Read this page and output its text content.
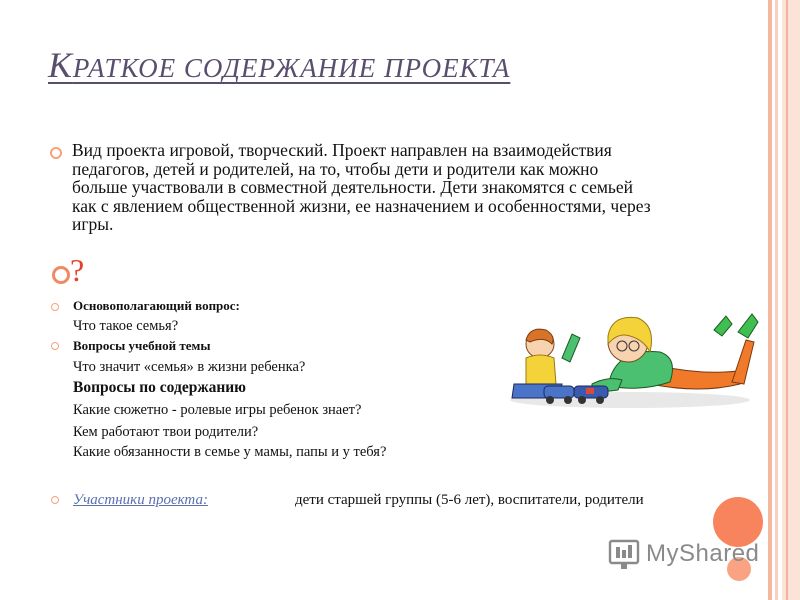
КРАТКОЕ СОДЕРЖАНИЕ ПРОЕКТА
Вид проекта игровой, творческий. Проект направлен на взаимодействия педагогов, детей и родителей, на то, чтобы дети и родители как можно больше участвовали в совместной деятельности. Дети знакомятся с семьей как с явлением общественной жизни, ее назначением и особенностями, через игры.
?
Основополагающий вопрос:
Что такое семья?
Вопросы учебной темы
Что значит «семья» в жизни ребенка?
Вопросы по содержанию
Какие сюжетно - ролевые игры ребенок знает?
Кем работают твои родители?
Какие обязанности в семье у мамы, папы и у тебя?
дети старшей группы (5-6 лет), воспитатели, родители
Участники проекта:
MyShared
